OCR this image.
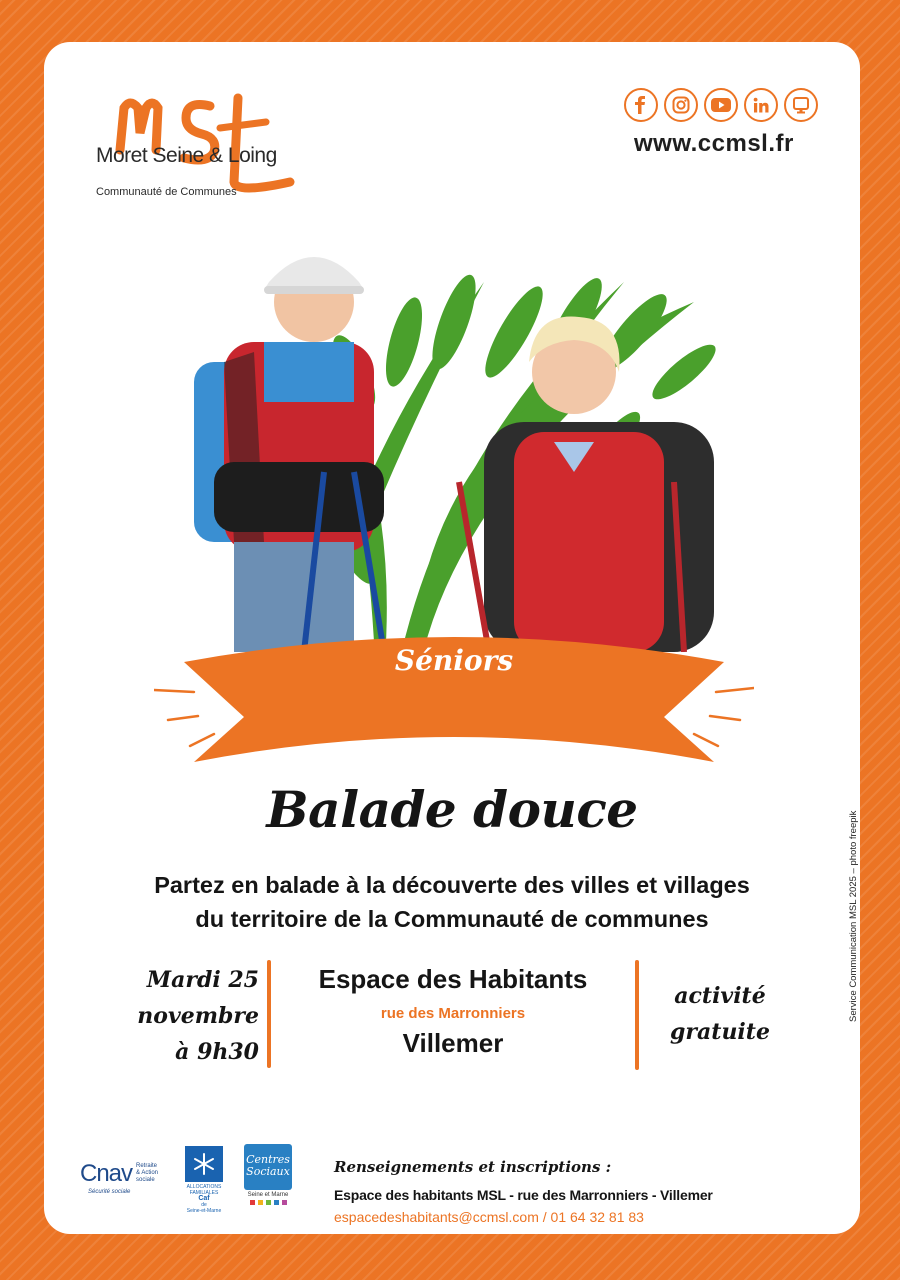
Moret Seine & Loing
Communauté de Communes
www.ccmsl.fr
Séniors
Balade douce
Partez en balade à la découverte des villes et villages
du territoire de la Communauté de communes
Mardi 25
novembre
à 9h30
Espace des Habitants
rue des Marronniers
Villemer
activité
gratuite
Cnav Retraite
& Action
sociale
Sécurité sociale
ALLOCATIONS
FAMILIALES
Caf
de
Seine-et-Marne
Centres
Sociaux
Seine et Marne
Renseignements et inscriptions :
Espace des habitants MSL - rue des Marronniers - Villemer
espacedeshabitants@ccmsl.com / 01 64 32 81 83
Service Communication MSL 2025 – photo freepik
